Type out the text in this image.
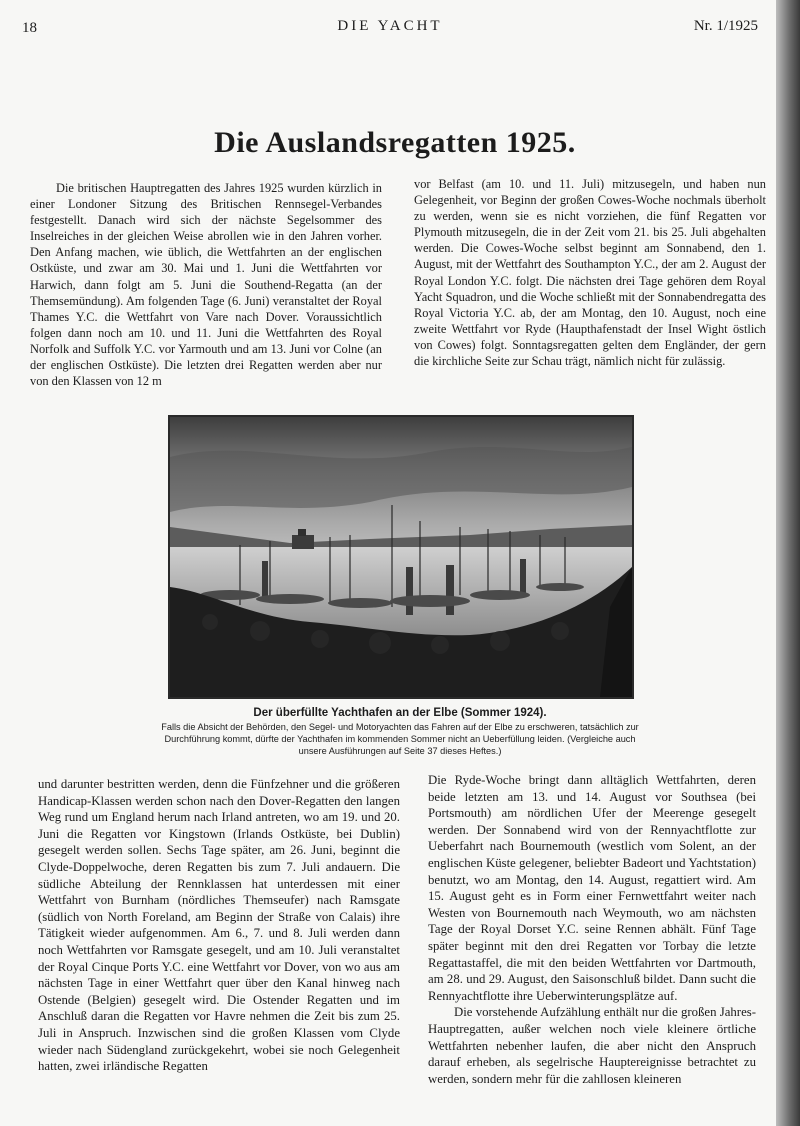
18	DIE YACHT	Nr. 1/1925
Die Auslandsregatten 1925.

Die britischen Hauptregatten des Jahres 1925 wurden kürzlich in einer Londoner Sitzung des Britischen Rennsegel-Verbandes festgestellt. Danach wird sich der nächste Segelsommer des Inselreiches in der gleichen Weise abrollen wie in den Jahren vorher. Den Anfang machen, wie üblich, die Wettfahrten an der englischen Ostküste, und zwar am 30. Mai und 1. Juni die Wettfahrten vor Harwich, dann folgt am 5. Juni die Southend-Regatta (an der Themsemündung). Am folgenden Tage (6. Juni) veranstaltet der Royal Thames Y.C. die Wettfahrt von Vare nach Dover. Voraussichtlich folgen dann noch am 10. und 11. Juni die Wettfahrten des Royal Norfolk and Suffolk Y.C. vor Yarmouth und am 13. Juni vor Colne (an der englischen Ostküste). Die letzten drei Regatten werden aber nur von den Klassen von 12 m

vor Belfast (am 10. und 11. Juli) mitzusegeln, und haben nun Gelegenheit, vor Beginn der großen Cowes-Woche nochmals überholt zu werden, wenn sie es nicht vorziehen, die fünf Regatten vor Plymouth mitzusegeln, die in der Zeit vom 21. bis 25. Juli abgehalten werden. Die Cowes-Woche selbst beginnt am Sonnabend, den 1. August, mit der Wettfahrt des Southampton Y.C., der am 2. August der Royal London Y.C. folgt. Die nächsten drei Tage gehören dem Royal Yacht Squadron, und die Woche schließt mit der Sonnabendregatta des Royal Victoria Y.C. ab, der am Montag, den 10. August, noch eine zweite Wettfahrt vor Ryde (Haupthafenstadt der Insel Wight östlich von Cowes) folgt. Sonntagsregatten gelten dem Engländer, der gern die kirchliche Seite zur Schau trägt, nämlich nicht für zulässig.

Der überfüllte Yachthafen an der Elbe (Sommer 1924).
Falls die Absicht der Behörden, den Segel- und Motoryachten das Fahren auf der Elbe zu erschweren, tatsächlich zur Durchführung kommt, dürfte der Yachthafen im kommenden Sommer nicht an Ueberfüllung leiden. (Vergleiche auch unsere Ausführungen auf Seite 37 dieses Heftes.)

und darunter bestritten werden, denn die Fünfzehner und die größeren Handicap-Klassen werden schon nach den Dover-Regatten den langen Weg rund um England herum nach Irland antreten, wo am 19. und 20. Juni die Regatten vor Kingstown (Irlands Ostküste, bei Dublin) gesegelt werden sollen. Sechs Tage später, am 26. Juni, beginnt die Clyde-Doppelwoche, deren Regatten bis zum 7. Juli andauern. Die südliche Abteilung der Rennklassen hat unterdessen mit einer Wettfahrt von Burnham (nördliches Themseufer) nach Ramsgate (südlich von North Foreland, am Beginn der Straße von Calais) ihre Tätigkeit wieder aufgenommen. Am 6., 7. und 8. Juli werden dann noch Wettfahrten vor Ramsgate gesegelt, und am 10. Juli veranstaltet der Royal Cinque Ports Y.C. eine Wettfahrt vor Dover, von wo aus am nächsten Tage in einer Wettfahrt quer über den Kanal hinweg nach Ostende (Belgien) gesegelt wird. Die Ostender Regatten und im Anschluß daran die Regatten vor Havre nehmen die Zeit bis zum 25. Juli in Anspruch. Inzwischen sind die großen Klassen vom Clyde wieder nach Südengland zurückgekehrt, wobei sie noch Gelegenheit hatten, zwei irländische Regatten

Die Ryde-Woche bringt dann alltäglich Wettfahrten, deren beide letzten am 13. und 14. August vor Southsea (bei Portsmouth) am nördlichen Ufer der Meerenge gesegelt werden. Der Sonnabend wird von der Rennyachtflotte zur Ueberfahrt nach Bournemouth (westlich vom Solent, an der englischen Küste gelegener, beliebter Badeort und Yachtstation) benutzt, wo am Montag, den 14. August, regattiert wird. Am 15. August geht es in Form einer Fernwettfahrt weiter nach Westen von Bournemouth nach Weymouth, wo am nächsten Tage der Royal Dorset Y.C. seine Rennen abhält. Fünf Tage später beginnt mit den drei Regatten vor Torbay die letzte Regattastaffel, die mit den beiden Wettfahrten vor Dartmouth, am 28. und 29. August, den Saisonschluß bildet. Dann sucht die Rennyachtflotte ihre Ueberwinterungsplätze auf.

Die vorstehende Aufzählung enthält nur die großen Jahres-Hauptregatten, außer welchen noch viele kleinere örtliche Wettfahrten nebenher laufen, die aber nicht den Anspruch darauf erheben, als segelrische Hauptereignisse betrachtet zu werden, sondern mehr für die zahllosen kleineren
